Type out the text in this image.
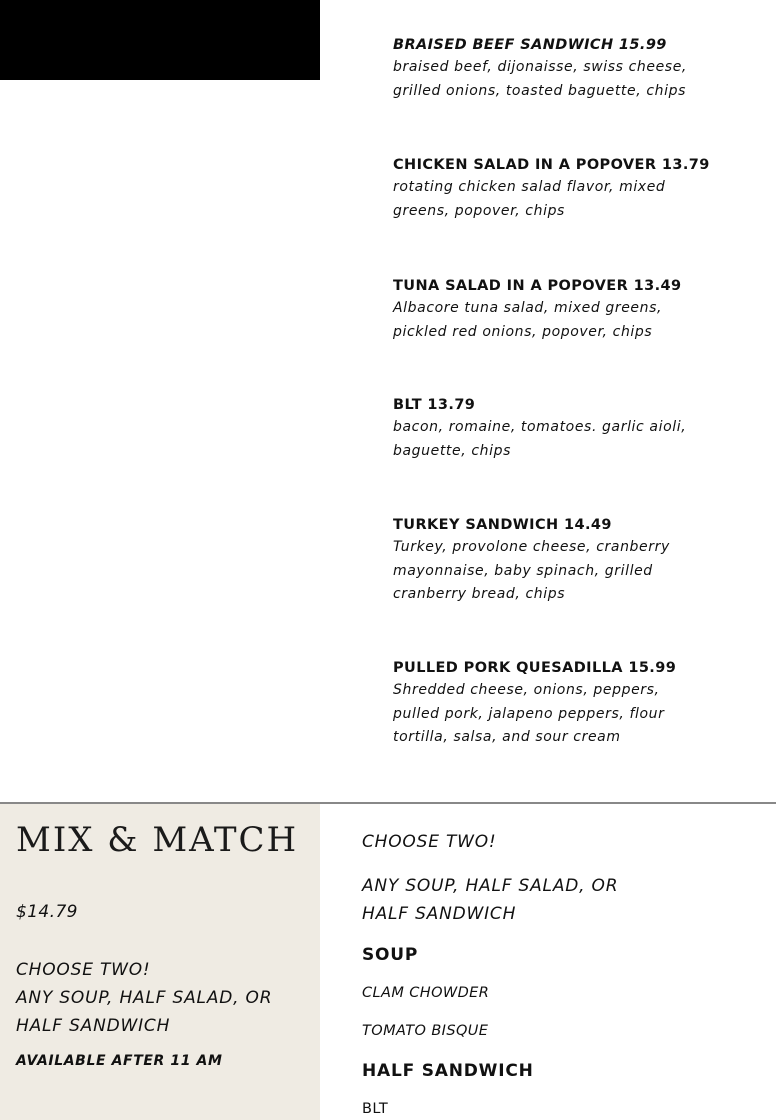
BRAISED BEEF SANDWICH 15.99
braised beef, dijonaisse, swiss cheese, grilled onions, toasted baguette, chips
CHICKEN SALAD IN A POPOVER 13.79
rotating chicken salad flavor, mixed greens, popover, chips
TUNA SALAD IN A POPOVER 13.49
Albacore tuna salad, mixed greens, pickled red onions, popover, chips
BLT 13.79
bacon, romaine, tomatoes. garlic aioli, baguette, chips
TURKEY SANDWICH 14.49
Turkey, provolone cheese, cranberry mayonnaise, baby spinach, grilled cranberry bread, chips
PULLED PORK QUESADILLA 15.99
Shredded cheese, onions, peppers, pulled pork, jalapeno peppers, flour tortilla, salsa, and sour cream
MIX & MATCH
$14.79
CHOOSE TWO!
ANY SOUP, HALF SALAD, OR HALF SANDWICH
AVAILABLE AFTER 11 AM
CHOOSE TWO!
ANY SOUP, HALF SALAD, OR HALF SANDWICH
SOUP
CLAM CHOWDER
TOMATO BISQUE
HALF SANDWICH
BLT
